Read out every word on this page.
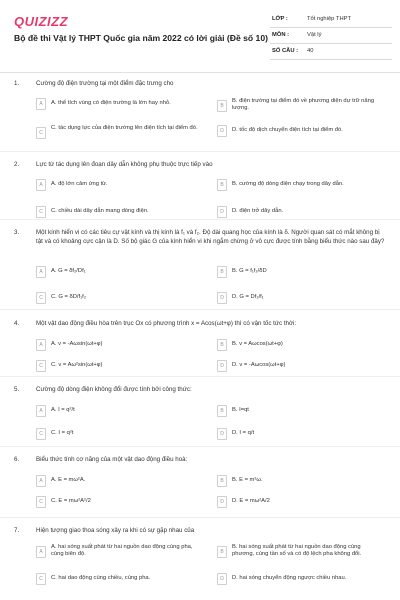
QUIZIZZ
Bộ đề thi Vật lý THPT Quốc gia năm 2022 có lời giải (Đề số 10)
LỚP :	Tốt nghiệp THPT
MÔN :	Vật lý
SỐ CÂU : 40
1.	Cường độ điện trường tại một điểm đặc trưng cho
A	A. thể tích vùng có điện trường là lớn hay nhỏ.	B
B. điện trường tại điểm đó về phương diện dự trữ năng lượng.
C
C. tác dụng lực của điện trường lên điện tích tại điểm đó.	D	D. tốc độ dịch chuyển điện tích tại điểm đó.
2.	Lực từ tác dụng lên đoạn dây dẫn không phụ thuộc trực tiếp vào
A	A. độ lớn cảm ứng từ.	B	B. cường độ dòng điện chạy trong dây dẫn.
C	C. chiều dài dây dẫn mang dòng điện.	D	D. điện trở dây dẫn.
3.	Một kính hiển vi có các tiêu cự vật kính và thị kính là f₁ và f₂. Độ dài quang học của kính là δ. Người quan sát có mắt không bị tật và có khoảng cực cận là D. Số bộ giác G của kính hiển vi khi ngắm chừng ở vô cực được tính bằng biểu thức nào sau đây?
A	A. G = δf₂/Df₁	B	B. G = f₁f₂/δD
C	C. G = δD/f₁f₂	D	D. G = Df₂/f₁
4.	Một vật dao động điều hòa trên trục Ox có phương trình x = Acos(ωt+φ) thì có vận tốc tức thời:
A	A. v = -Aωsin(ωt+φ)	B	B. v = Aωcos(ωt+φ)
C	C. v = Aω²sin(ωt+φ)	D	D. v = -Aωcos(ωt+φ)
5.	Cường độ dòng điện không đổi được tính bởi công thức:
A	A. I = q²/t	B	B. I=qt
C	C. I = q²t	D	D. I = q/t
6.	Biểu thức tính cơ năng của một vật dao động điều hoà:
A	A. E = mω²A.	B	B. E = m²ω.
C	C. E = mω²A²/2	D	D. E = mω²A/2
7.	Hiện tượng giao thoa sóng xảy ra khi có sự gặp nhau của
A
A. hai sóng xuất phát từ hai nguồn dao động cùng pha, cùng biên độ.	B
B. hai sóng xuất phát từ hai nguồn dao động cùng phương, cùng tần số và có độ lệch pha không đổi.
C	C. hai dao động cùng chiều, cùng pha.	D	D. hai sóng chuyển động ngược chiều nhau.
